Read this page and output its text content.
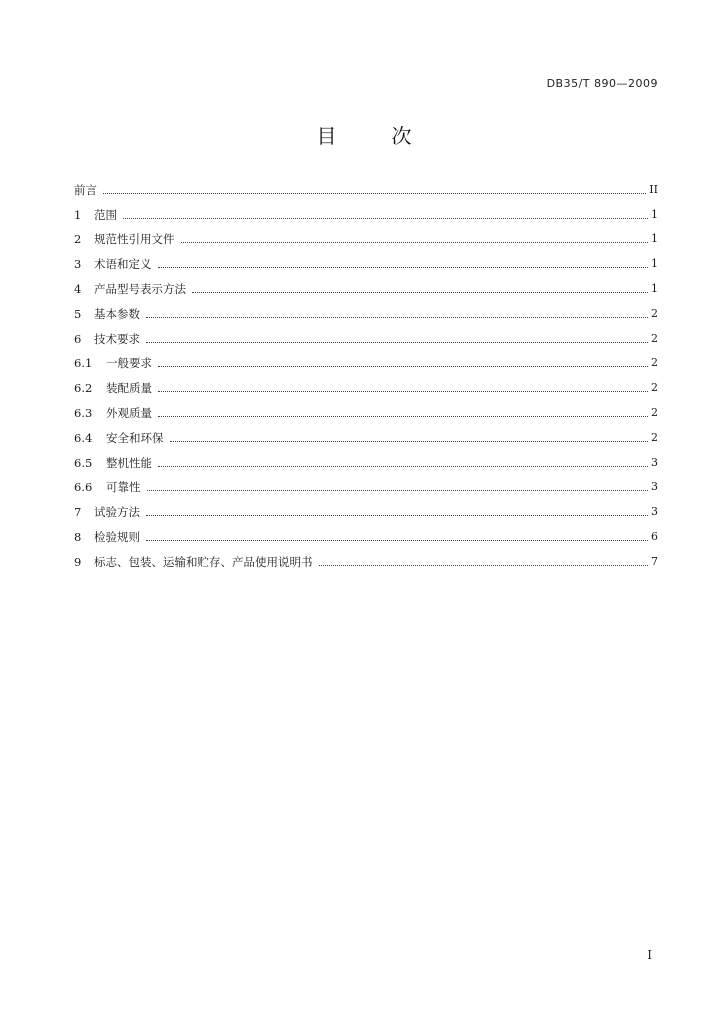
DB35/T 890—2009
目次
前言	II
1	范围	1
2	规范性引用文件	1
3	术语和定义	1
4	产品型号表示方法	1
5	基本参数	2
6	技术要求	2
6.1	一般要求	2
6.2	装配质量	2
6.3	外观质量	2
6.4	安全和环保	2
6.5	整机性能	3
6.6	可靠性	3
7	试验方法	3
8	检验规则	6
9	标志、包装、运输和贮存、产品使用说明书	7
I
